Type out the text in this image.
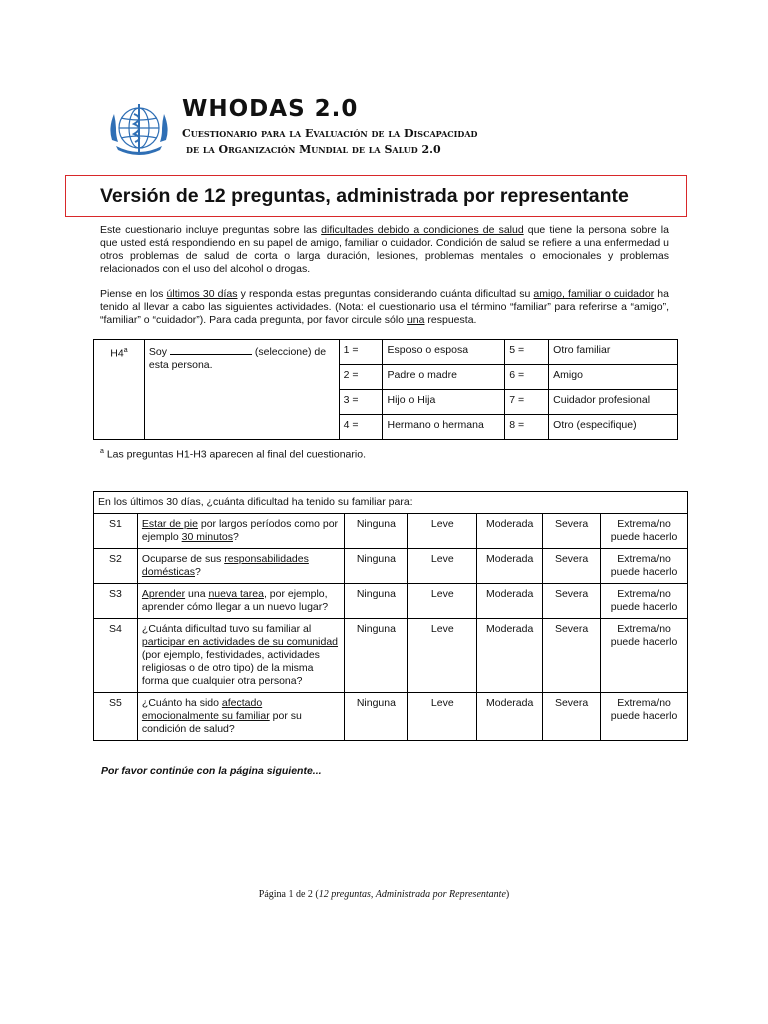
WHODAS 2.0

Cuestionario para la Evaluación de la Discapacidad

de la Organización Mundial de la Salud 2.0

Versión de 12 preguntas, administrada por representante

Este cuestionario incluye preguntas sobre las dificultades debido a condiciones de salud que tiene la persona sobre la que usted está respondiendo en su papel de amigo, familiar o cuidador. Condición de salud se refiere a una enfermedad u otros problemas de salud de corta o larga duración, lesiones, problemas mentales o emocionales y problemas relacionados con el uso del alcohol o drogas.

Piense en los últimos 30 días y responda estas preguntas considerando cuánta dificultad su amigo, familiar o cuidador ha tenido al llevar a cabo las siguientes actividades. (Nota: el cuestionario usa el término “familiar” para referirse a “amigo”, “familiar” o “cuidador”). Para cada pregunta, por favor circule sólo una respuesta.

H4$^a$	Soy (seleccione) de esta persona.	1 =	Esposo o esposa	5 =	Otro familiar
		2 =	Padre o madre	6 =	Amigo
		3 =	Hijo o Hija	7 =	Cuidador profesional
		4 =	Hermano o hermana	8 =	Otro (especifique)

$^a$ Las preguntas H1-H3 aparecen al final del cuestionario.

En los últimos 30 días, ¿cuánta dificultad ha tenido su familiar para:						
S1	Estar de pie por largos períodos como por ejemplo 30 minutos?	Ninguna	Leve	Moderada	Severa	Extrema/no puede hacerlo
S2	Ocuparse de sus responsabilidades domésticas?	Ninguna	Leve	Moderada	Severa	Extrema/no puede hacerlo
S3	Aprender una nueva tarea, por ejemplo, aprender cómo llegar a un nuevo lugar?	Ninguna	Leve	Moderada	Severa	Extrema/no puede hacerlo
S4	¿Cuánta dificultad tuvo su familiar al participar en actividades de su comunidad (por ejemplo, festividades, actividades religiosas o de otro tipo) de la misma forma que cualquier otra persona?	Ninguna	Leve	Moderada	Severa	Extrema/no puede hacerlo
S5	¿Cuánto ha sido afectado emocionalmente su familiar por su condición de salud?	Ninguna	Leve	Moderada	Severa	Extrema/no puede hacerlo

Por favor continúe con la página siguiente...

Página 1 de 2 (12 preguntas, Administrada por Representante)
